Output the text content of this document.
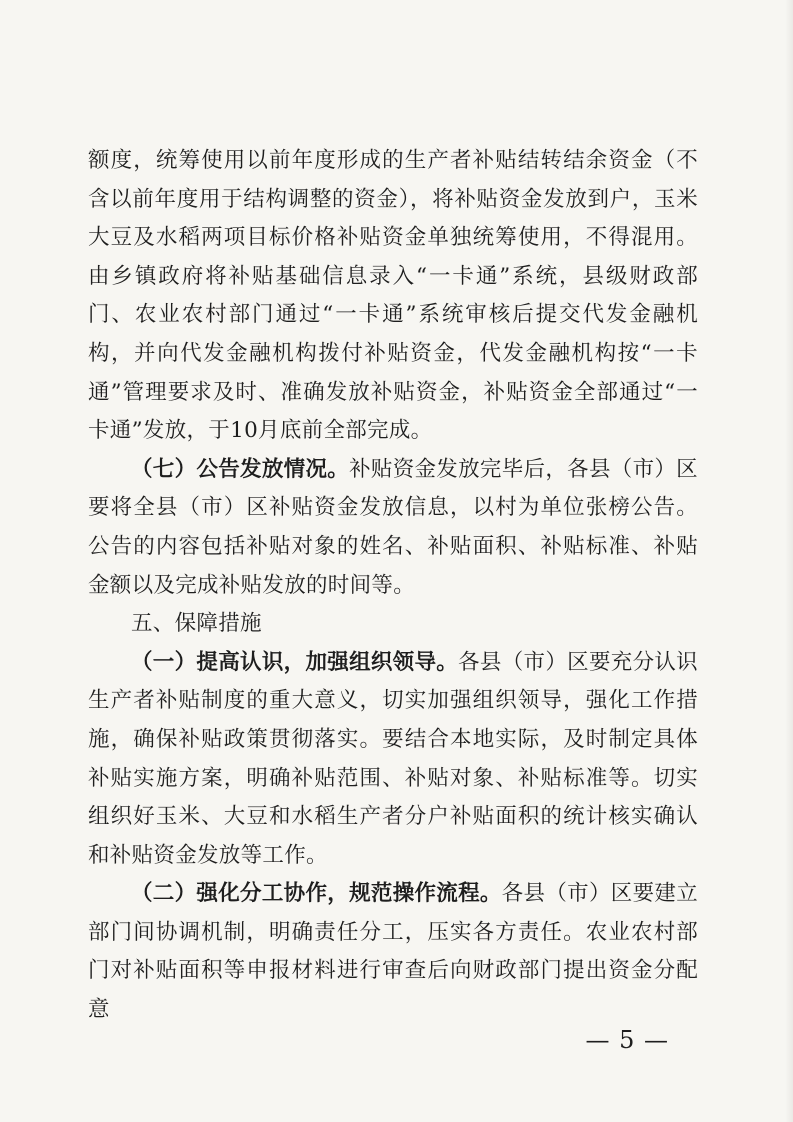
额度，统筹使用以前年度形成的生产者补贴结转结余资金（不含以前年度用于结构调整的资金），将补贴资金发放到户，玉米大豆及水稻两项目标价格补贴资金单独统筹使用，不得混用。由乡镇政府将补贴基础信息录入“一卡通”系统，县级财政部门、农业农村部门通过“一卡通”系统审核后提交代发金融机构，并向代发金融机构拨付补贴资金，代发金融机构按“一卡通”管理要求及时、准确发放补贴资金，补贴资金全部通过“一卡通”发放，于10月底前全部完成。

（七）公告发放情况。补贴资金发放完毕后，各县（市）区要将全县（市）区补贴资金发放信息，以村为单位张榜公告。公告的内容包括补贴对象的姓名、补贴面积、补贴标准、补贴金额以及完成补贴发放的时间等。

五、保障措施

（一）提高认识，加强组织领导。各县（市）区要充分认识生产者补贴制度的重大意义，切实加强组织领导，强化工作措施，确保补贴政策贯彻落实。要结合本地实际，及时制定具体补贴实施方案，明确补贴范围、补贴对象、补贴标准等。切实组织好玉米、大豆和水稻生产者分户补贴面积的统计核实确认和补贴资金发放等工作。

（二）强化分工协作，规范操作流程。各县（市）区要建立部门间协调机制，明确责任分工，压实各方责任。农业农村部门对补贴面积等申报材料进行审查后向财政部门提出资金分配意

— 5 —
